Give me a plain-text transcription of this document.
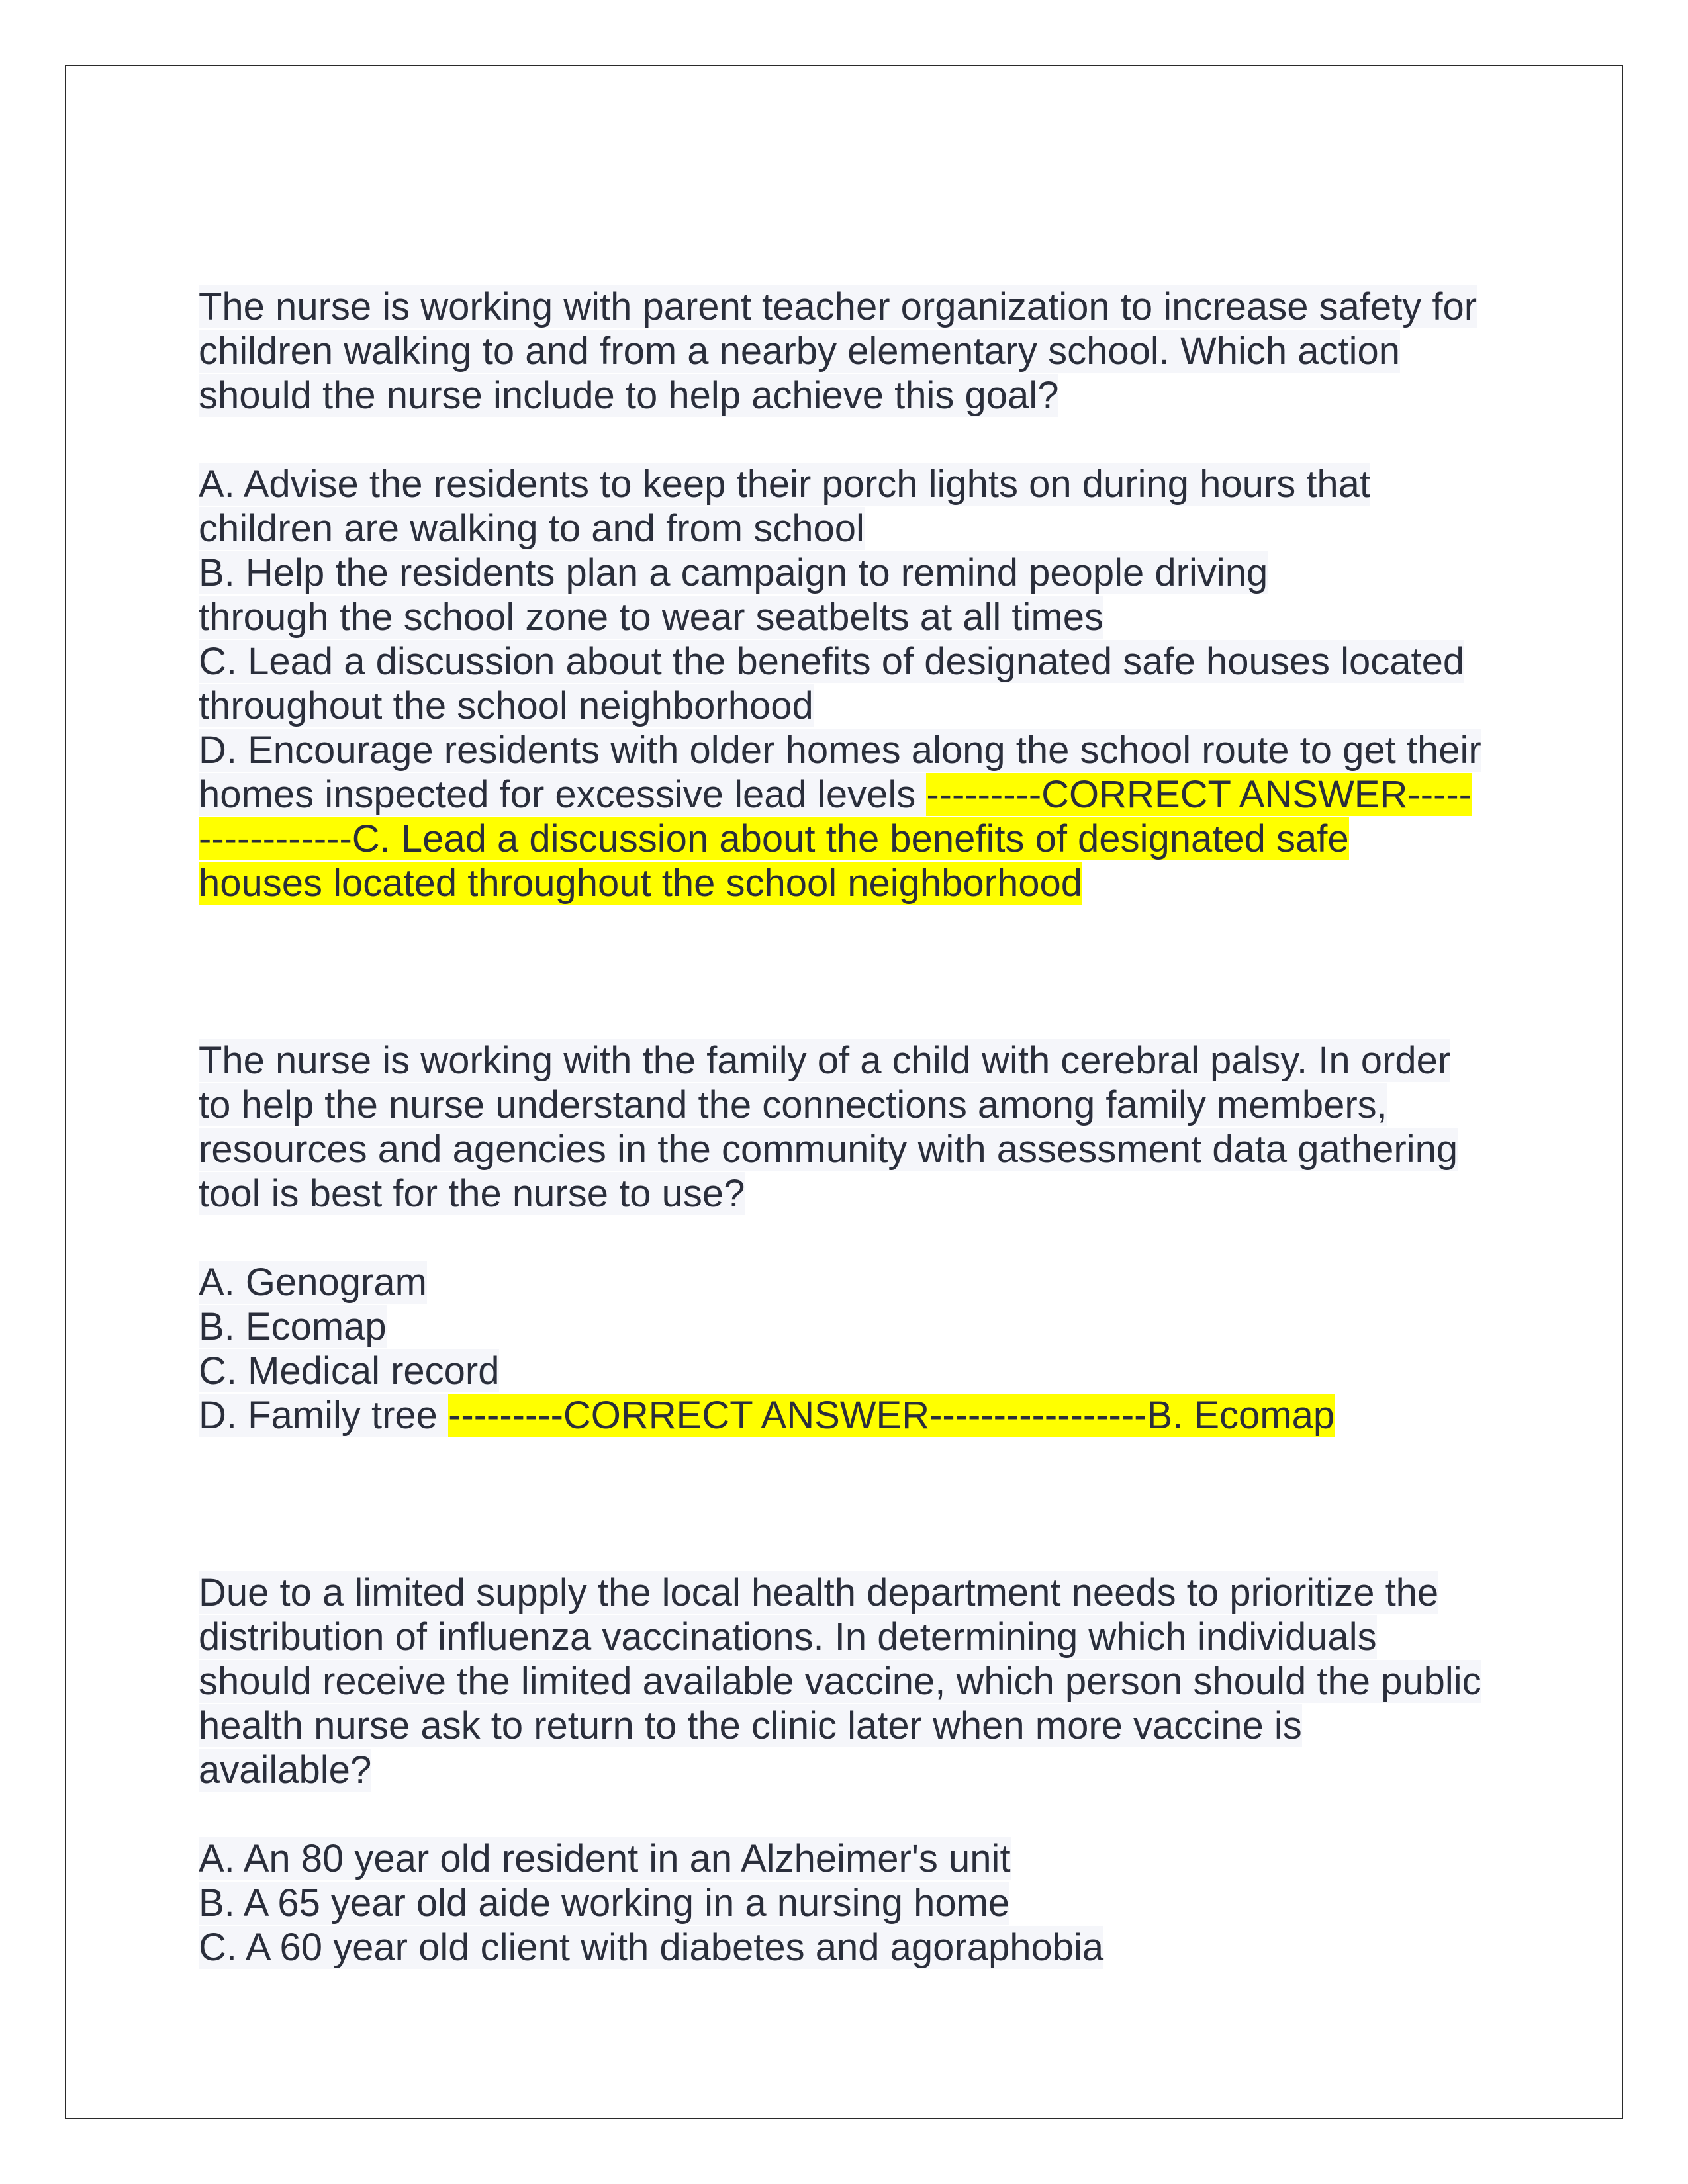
The nurse is working with parent teacher organization to increase safety for
children walking to and from a nearby elementary school. Which action
should the nurse include to help achieve this goal?
A. Advise the residents to keep their porch lights on during hours that
children are walking to and from school
B. Help the residents plan a campaign to remind people driving
through the school zone to wear seatbelts at all times
C. Lead a discussion about the benefits of designated safe houses located
throughout the school neighborhood
D. Encourage residents with older homes along the school route to get their
homes inspected for excessive lead levels ---------CORRECT ANSWER-----
------------C. Lead a discussion about the benefits of designated safe
houses located throughout the school neighborhood
The nurse is working with the family of a child with cerebral palsy. In order
to help the nurse understand the connections among family members,
resources and agencies in the community with assessment data gathering
tool is best for the nurse to use?
A. Genogram
B. Ecomap
C. Medical record
D. Family tree ---------CORRECT ANSWER-----------------B. Ecomap
Due to a limited supply the local health department needs to prioritize the
distribution of influenza vaccinations. In determining which individuals
should receive the limited available vaccine, which person should the public
health nurse ask to return to the clinic later when more vaccine is
available?
A. An 80 year old resident in an Alzheimer's unit
B. A 65 year old aide working in a nursing home
C. A 60 year old client with diabetes and agoraphobia
